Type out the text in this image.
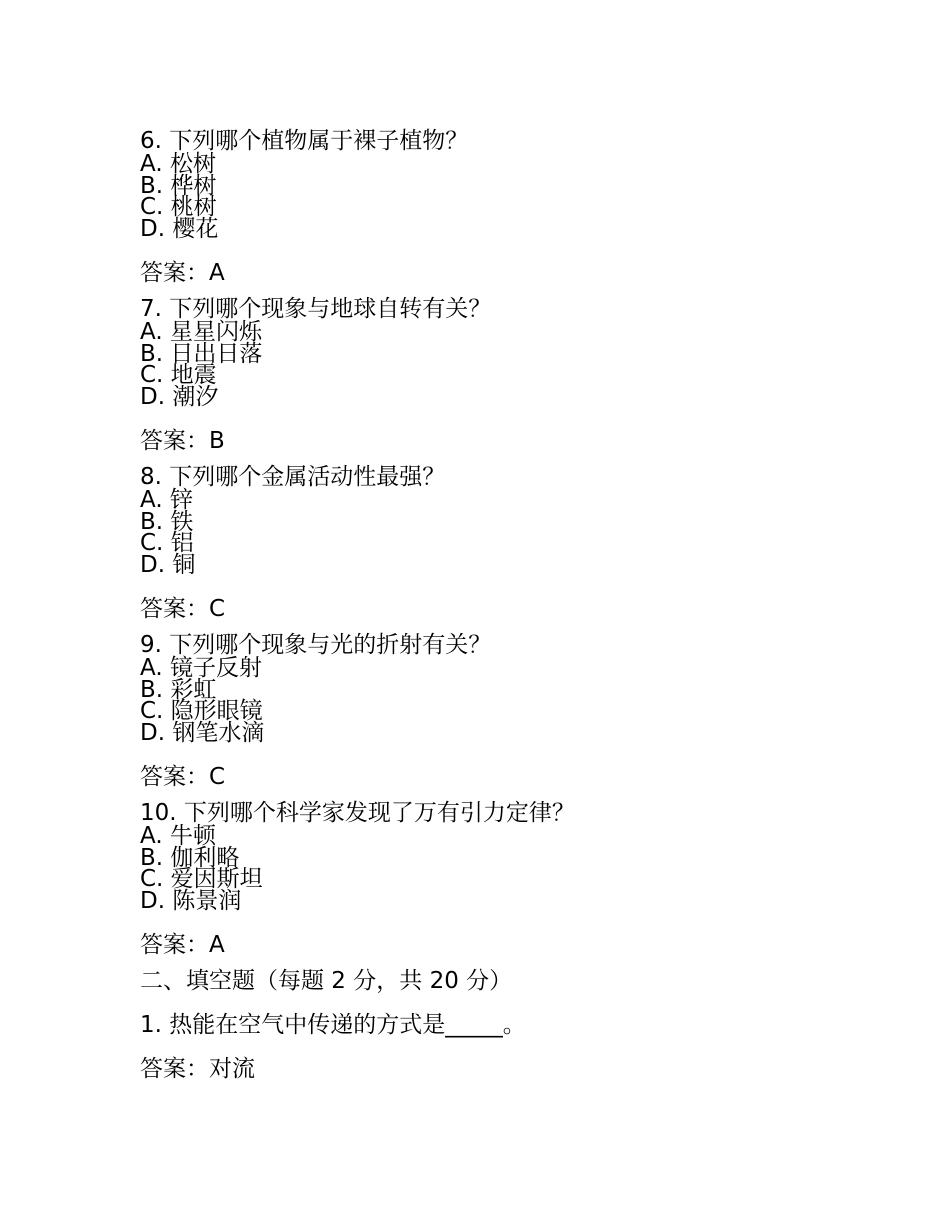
6. 下列哪个植物属于裸子植物？
A. 松树
B. 桦树
C. 桃树
D. 樱花
答案：A
7. 下列哪个现象与地球自转有关？
A. 星星闪烁
B. 日出日落
C. 地震
D. 潮汐
答案：B
8. 下列哪个金属活动性最强？
A. 锌
B. 铁
C. 铝
D. 铜
答案：C
9. 下列哪个现象与光的折射有关？
A. 镜子反射
B. 彩虹
C. 隐形眼镜
D. 钢笔水滴
答案：C
10. 下列哪个科学家发现了万有引力定律？
A. 牛顿
B. 伽利略
C. 爱因斯坦
D. 陈景润
答案：A
二、填空题（每题 2 分，共 20 分）
1. 热能在空气中传递的方式是_____。
答案：对流
